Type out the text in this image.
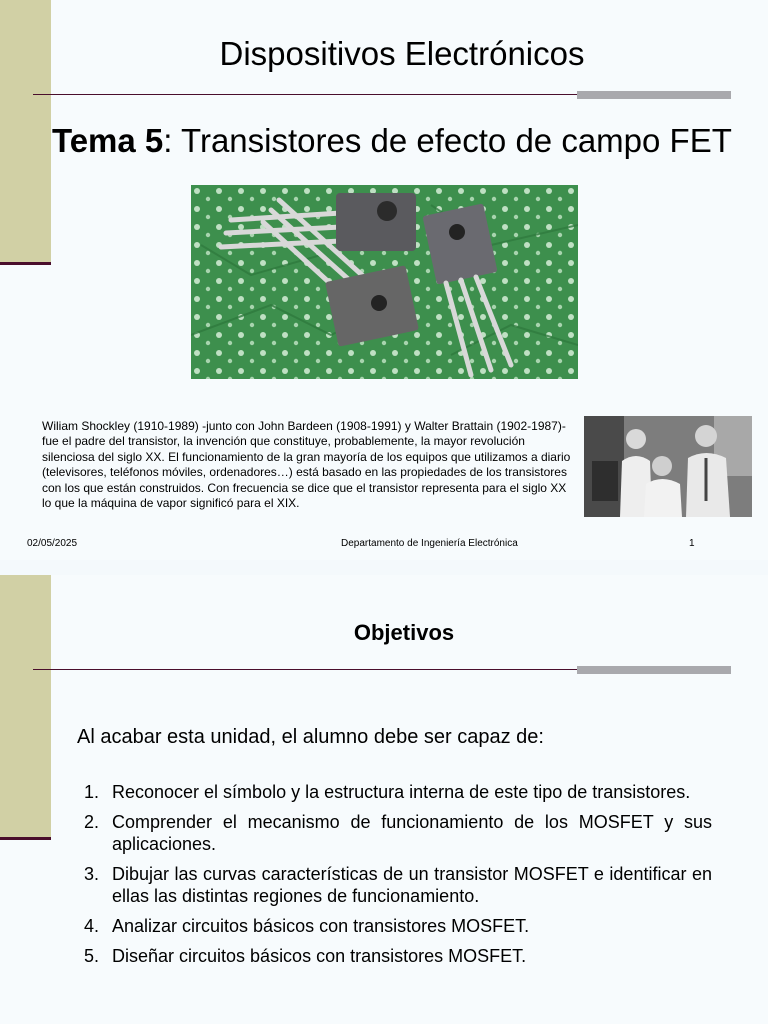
Dispositivos Electrónicos
Tema 5: Transistores de efecto de campo FET
Wiliam Shockley (1910-1989) -junto con John Bardeen (1908-1991) y Walter Brattain (1902-1987)- fue el padre del transistor, la invención que constituye, probablemente, la mayor revolución silenciosa del siglo XX. El funcionamiento de la gran mayoría de los equipos que utilizamos a diario (televisores, teléfonos móviles, ordenadores…) está basado en las propiedades de los transistores con los que están construidos. Con frecuencia se dice que el transistor representa para el siglo XX lo que la máquina de vapor significó para el XIX.
02/05/2025	Departamento de Ingeniería Electrónica	1
Objetivos
Al acabar esta unidad, el alumno debe ser capaz de:
1. Reconocer el símbolo y la estructura interna de este tipo de transistores.
2. Comprender el mecanismo de funcionamiento de los MOSFET y sus aplicaciones.
3. Dibujar las curvas características de un transistor MOSFET e identificar en ellas las distintas regiones de funcionamiento.
4. Analizar circuitos básicos con transistores MOSFET.
5. Diseñar circuitos básicos con transistores MOSFET.
